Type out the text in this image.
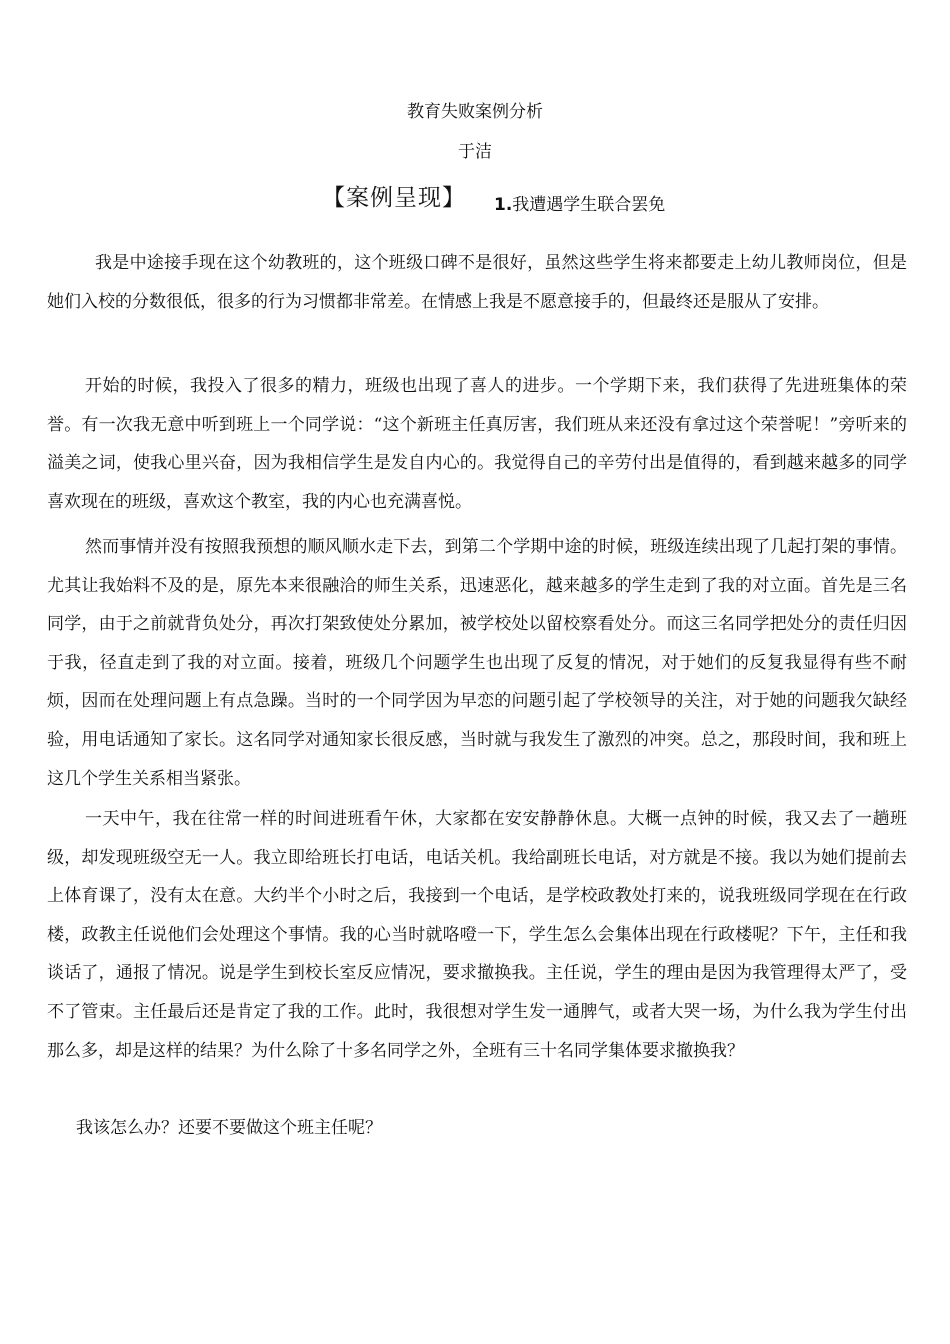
教育失败案例分析
于洁
【案例呈现】 1.我遭遇学生联合罢免

我是中途接手现在这个幼教班的，这个班级口碑不是很好，虽然这些学生将来都要走上幼儿教师岗位，但是她们入校的分数很低，很多的行为习惯都非常差。在情感上我是不愿意接手的，但最终还是服从了安排。

开始的时候，我投入了很多的精力，班级也出现了喜人的进步。一个学期下来，我们获得了先进班集体的荣誉。有一次我无意中听到班上一个同学说：“这个新班主任真厉害，我们班从来还没有拿过这个荣誉呢！”旁听来的溢美之词，使我心里兴奋，因为我相信学生是发自内心的。我觉得自己的辛劳付出是值得的，看到越来越多的同学喜欢现在的班级，喜欢这个教室，我的内心也充满喜悦。

然而事情并没有按照我预想的顺风顺水走下去，到第二个学期中途的时候，班级连续出现了几起打架的事情。尤其让我始料不及的是，原先本来很融洽的师生关系，迅速恶化，越来越多的学生走到了我的对立面。首先是三名同学，由于之前就背负处分，再次打架致使处分累加，被学校处以留校察看处分。而这三名同学把处分的责任归因于我，径直走到了我的对立面。接着，班级几个问题学生也出现了反复的情况，对于她们的反复我显得有些不耐烦，因而在处理问题上有点急躁。当时的一个同学因为早恋的问题引起了学校领导的关注，对于她的问题我欠缺经验，用电话通知了家长。这名同学对通知家长很反感，当时就与我发生了激烈的冲突。总之，那段时间，我和班上这几个学生关系相当紧张。

一天中午，我在往常一样的时间进班看午休，大家都在安安静静休息。大概一点钟的时候，我又去了一趟班级，却发现班级空无一人。我立即给班长打电话，电话关机。我给副班长电话，对方就是不接。我以为她们提前去上体育课了，没有太在意。大约半个小时之后，我接到一个电话，是学校政教处打来的，说我班级同学现在在行政楼，政教主任说他们会处理这个事情。我的心当时就咯噔一下，学生怎么会集体出现在行政楼呢？下午，主任和我谈话了，通报了情况。说是学生到校长室反应情况，要求撤换我。主任说，学生的理由是因为我管理得太严了，受不了管束。主任最后还是肯定了我的工作。此时，我很想对学生发一通脾气，或者大哭一场，为什么我为学生付出那么多，却是这样的结果？为什么除了十多名同学之外，全班有三十名同学集体要求撤换我？

我该怎么办？还要不要做这个班主任呢？
